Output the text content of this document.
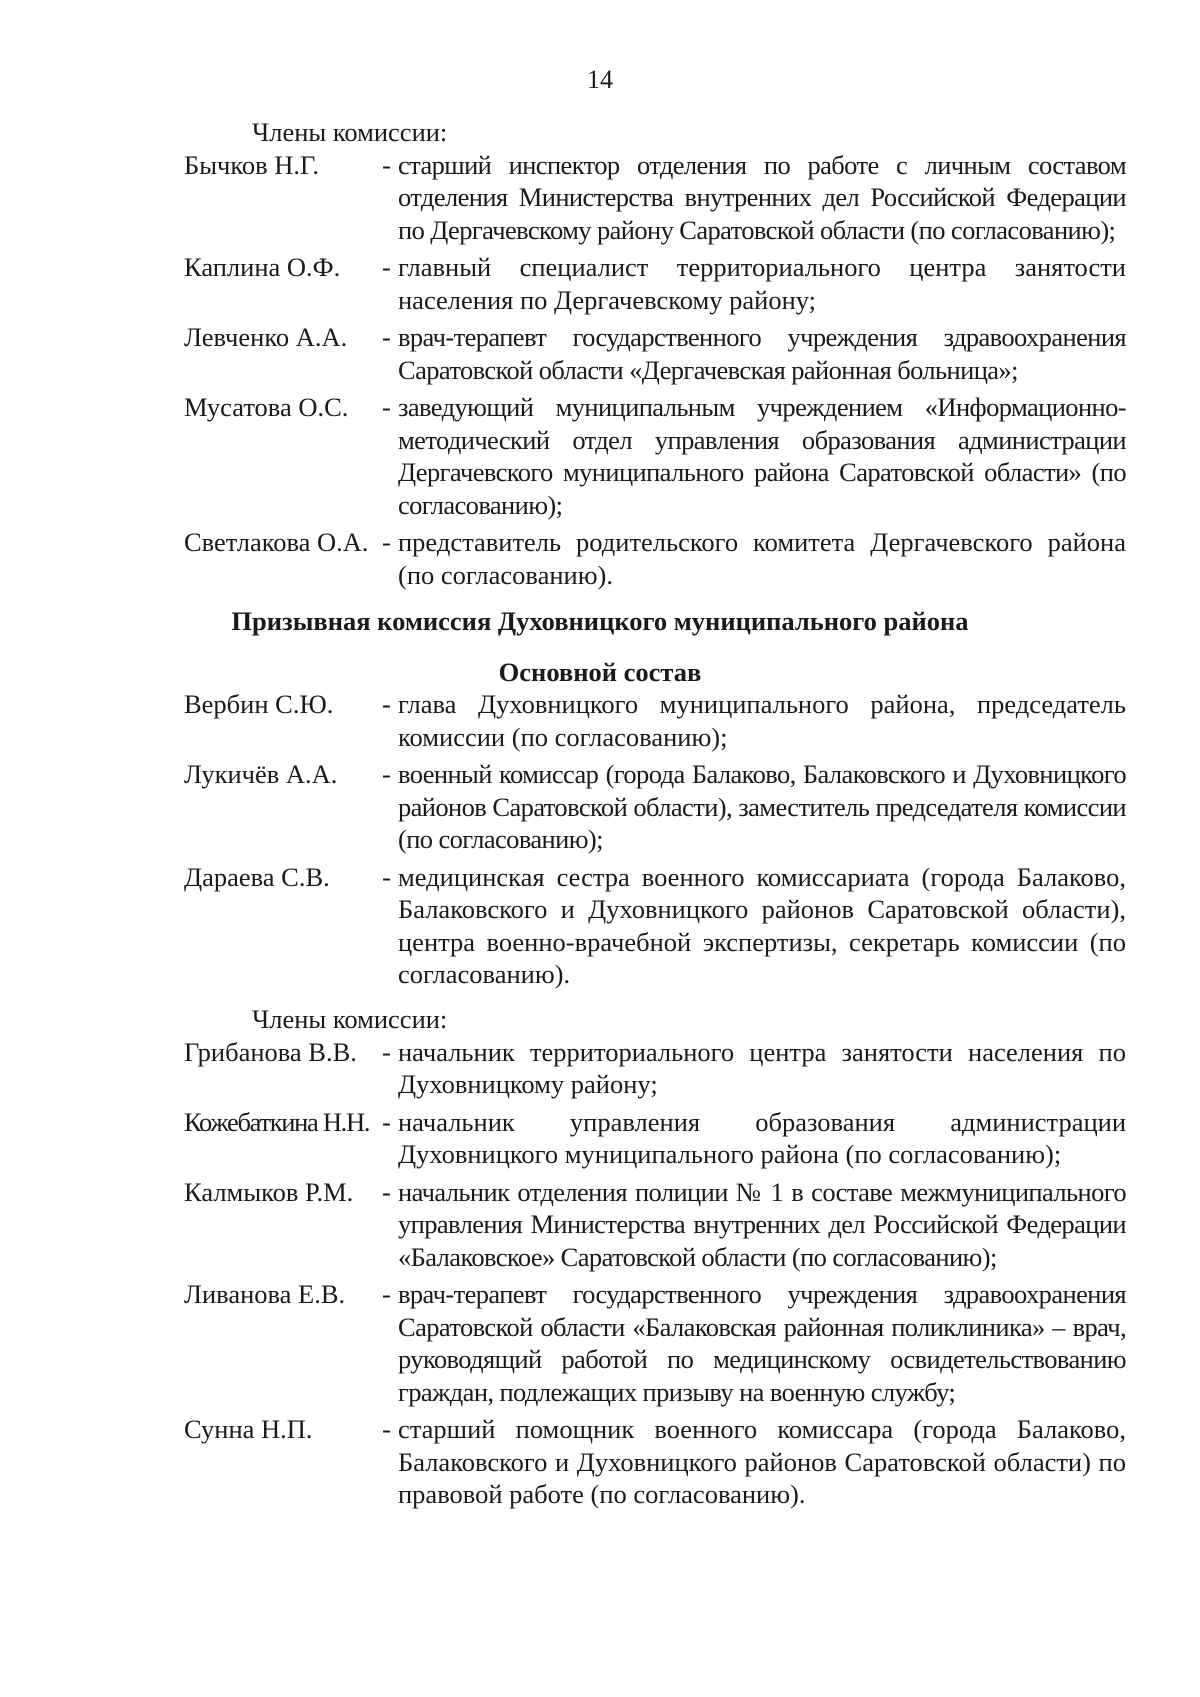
14
Члены комиссии:
Бычков Н.Г.	- старший инспектор отделения по работе с личным составом отделения Министерства внутренних дел Российской Федерации по Дергачевскому району Саратовской области (по согласованию);
Каплина О.Ф.	- главный специалист территориального центра занятости населения по Дергачевскому району;
Левченко А.А.	- врач-терапевт государственного учреждения здравоохранения Саратовской области «Дергачевская районная больница»;
Мусатова О.С.	- заведующий муниципальным учреждением «Информационно-методический отдел управления образования администрации Дергачевского муниципального района Саратовской области» (по согласованию);
Светлакова О.А. - представитель родительского комитета Дергачевского района (по согласованию).
Призывная комиссия Духовницкого муниципального района
Основной состав
Вербин С.Ю.	- глава Духовницкого муниципального района, председатель комиссии (по согласованию);
Лукичёв А.А.	- военный комиссар (города Балаково, Балаковского и Духовницкого районов Саратовской области), заместитель председателя комиссии (по согласованию);
Дараева С.В.	- медицинская сестра военного комиссариата (города Балаково, Балаковского и Духовницкого районов Саратовской области), центра военно-врачебной экспертизы, секретарь комиссии (по согласованию).
Члены комиссии:
Грибанова В.В. - начальник территориального центра занятости населения по Духовницкому району;
Кожебаткина Н.Н. - начальник управления образования администрации Духовницкого муниципального района (по согласованию);
Калмыков Р.М.	- начальник отделения полиции № 1 в составе межмуниципального управления Министерства внутренних дел Российской Федерации «Балаковское» Саратовской области (по согласованию);
Ливанова Е.В.	- врач-терапевт государственного учреждения здравоохранения Саратовской области «Балаковская районная поликлиника» – врач, руководящий работой по медицинскому освидетельствованию граждан, подлежащих призыву на военную службу;
Сунна Н.П.	- старший помощник военного комиссара (города Балаково, Балаковского и Духовницкого районов Саратовской области) по правовой работе (по согласованию).
